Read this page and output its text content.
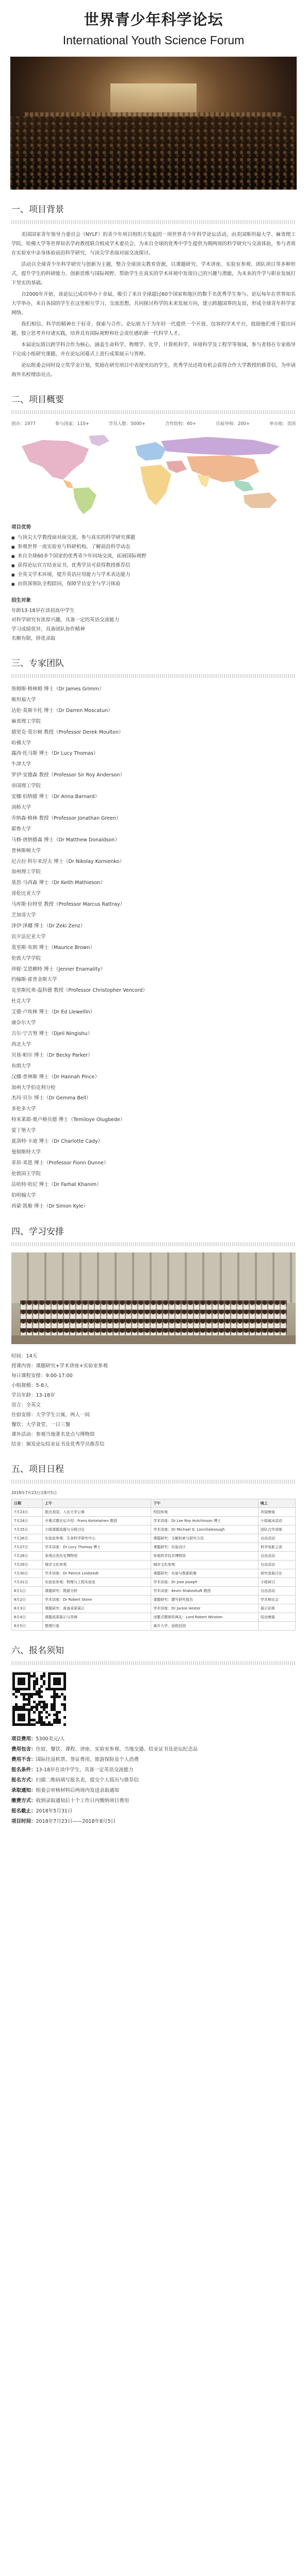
世界青少年科学论坛
International Youth Science Forum
一、项目背景

美国国家青年领导力委员会（NYLF）的青少年项目组织方发起的一项世界青少年科学论坛活动，由美国斯坦福大学、麻省理工学院、哈佛大学等世界知名学府教授联合组成学术委员会，为来自全球的优秀中学生提供为期两周的科学研究与交流体验，参与者将在实验室中亲身体验前沿科学研究，与顶尖学者面对面交流探讨。

活动以全球青少年科学研究与创新为主题，整合全球顶尖教育资源，以课题研究、学术讲座、实验室参观、团队项目等多种形式，提升学生的科研能力、创新思维与国际视野，帮助学生在真实的学术环境中发现自己的兴趣与潜能，为未来的升学与职业发展打下坚实的基础。

自2000年开始，该论坛已成功举办十余届，吸引了来自全球超过60个国家和地区的数千名优秀学生参与。论坛每年在世界知名大学举办，来自各国的学生在这里相互学习、交流思想，共同探讨科学的未来发展方向，建立跨越国界的友谊，形成全球青年科学家网络。

我们相信，科学的精神在于好奇、探索与合作。论坛致力于为年轻一代提供一个开放、包容的学术平台，鼓励他们勇于提出问题、独立思考并付诸实践，培养具有国际视野和社会责任感的新一代科学人才。

本届论坛将以跨学科合作为核心，涵盖生命科学、物理学、化学、计算机科学、环境科学及工程学等领域，参与者将在专家指导下完成小组研究课题，并在论坛闭幕式上进行成果展示与答辩。

论坛组委会同时设立奖学金计划，奖励在研究项目中表现突出的学生，优秀学员还将有机会获得合作大学教授的推荐信，为申请海外名校增添亮点。

二、项目概要
创办：1977	参与国家：110+	学员人数：5000+	合作院校：60+	历届导师：200+	举办地：美国
项目优势
■ 与顶尖大学教授面对面交流，参与真实的科学研究课题
■ 参观世界一流实验室与科研机构，了解前沿科学动态
■ 来自全球60多个国家的优秀青少年同场交流，拓展国际视野
■ 获得论坛官方结业证书，优秀学员可获得教授推荐信
■ 全英文学术环境，提升英语应用能力与学术表达能力
■ 由资深领队全程陪同，保障学员安全与学习体验
招生对象
年龄13-18岁在读初高中学生
对科学研究有浓厚兴趣，具备一定的英语交流能力
学习成绩优异，具备团队协作精神
名额有限，择优录取
三、专家团队
詹姆斯·格林姆 博士（Dr James Grimm）
斯坦福大学
达伦·莫斯卡托 博士（Dr Darren Moscatun）
麻省理工学院
德里克·莫尔顿 教授（Professor Derek Moulton）
哈佛大学
露西·托马斯 博士（Dr Lucy Thomas）
牛津大学
罗伊·安德森 教授（Professor Sir Roy Anderson）
帝国理工学院
安娜·伯纳德 博士（Dr Anna Barnard）
剑桥大学
乔纳森·格林 教授（Professor Jonathan Green）
耶鲁大学
马修·唐纳德森 博士（Dr Matthew Donaldson）
普林斯顿大学
尼古拉·科尔米涅夫 博士（Dr Nikolay Kornienko）
加州理工学院
基思·马西森 博士（Dr Keith Mathieson）
哥伦比亚大学
马库斯·拉特里 教授（Professor Marcus Rattray）
芝加哥大学
泽伊·泽娜 博士（Dr Zeki Zenz）
宾夕法尼亚大学
莫里斯·布朗 博士（Maurice Brown）
伦敦大学学院
珍妮·艾恩赖特 博士（Jenner Enamality）
约翰斯·霍普金斯大学
克里斯托弗·温科德 教授（Professor Christopher Vencord）
杜克大学
艾德·卢埃林 博士（Dr Ed Llewellin）
康奈尔大学
吉尔·宁吉努 博士（Djeli Ningishu）
西北大学
贝基·帕尔 博士（Dr Becky Parker）
布朗大学
汉娜·普林斯 博士（Dr Hannah Pince）
加州大学伯克利分校
杰玛·贝尔 博士（Dr Gemma Bell）
多伦多大学
特米莱耶·奥卢格贝德 博士（Temiloye Olugbede）
爱丁堡大学
夏洛特·卡迪 博士（Dr Charlotte Cady）
曼彻斯特大学
菲昂·邓恩 博士（Professor Fionn Dunne）
伦敦国王学院
法哈特·哈尼 博士（Dr Farhat Khanim）
伯明翰大学
西蒙·凯勒 博士（Dr Simon Kyle）
四、学习安排
时间：14天
授课内容：课题研究+学术讲座+实验室参观
每日课程安排：9:00-17:00
小组规模：5-8人
学员年龄：13-18岁
语言：全英文
住宿安排：大学学生公寓，两人一间
餐饮：大学食堂，一日三餐
课外活动：参观当地著名景点与博物馆
结业：颁发论坛结业证书及优秀学员推荐信
五、项目日程
2018年7月23日至8月5日
日期	上午	下午	晚上
7月23日	抵达美国，入住大学公寓	校园参观	欢迎晚宴
7月24日	开幕式暨论坛介绍：Frans Kortelainen 教授	学术讲座：Dr Lee Roy Hutchinson 博士	小组破冰活动
7月25日	小组课题选题与分组讨论	学术讲座：Dr Michael G. Loncilialeosugh	团队合作训练
7月26日	实验室参观：生命科学研究中心	课题研究：文献检索与研究方法	自由活动
7月27日	学术讲座：Dr Lucy Thomas 博士	课题研究：实验设计	科学电影之夜
7月28日	参观自然历史博物馆	参观科学技术博物馆	自由活动
7月29日	城市文化参观	城市文化参观	自由活动
7月30日	学术讲座：Dr Patrick Lindstedt	课题研究：实验与数据收集	研究进展讨论
7月31日	实验室参观：物理与工程实验室	学术讲座：Dr Jose Joseph	小组研讨
8月1日	课题研究：数据分析	学术讲座：Kevin Shakeshaft 教授	自由活动
8月2日	学术讲座：Dr Robert Stone	课题研究：撰写研究报告	学术辩论会
8月3日	课题研究：准备成果展示	学术讲座：Dr Jackie Hester	展示彩排
8月4日	课题成果展示与答辩	闭幕式暨颁奖典礼：Lord Robert Winston	结业晚宴
8月5日	整理行装	离开大学，返程回国	
六、报名须知
项目费用：5300美元/人
费用包含：住宿、餐饮、课程、讲座、实验室参观、当地交通、结业证书及论坛纪念品
费用不含：国际往返机票、签证费用、旅游保险及个人消费
报名条件：13-18岁在读中学生，具备一定英语交流能力
报名方式：扫描二维码填写报名表，提交个人简历与推荐信
录取通知：组委会审核材料后两周内发送录取通知
缴费方式：收到录取通知后十个工作日内缴纳项目费用
报名截止：2018年5月31日
项目时间：2018年7月23日——2018年8月5日
